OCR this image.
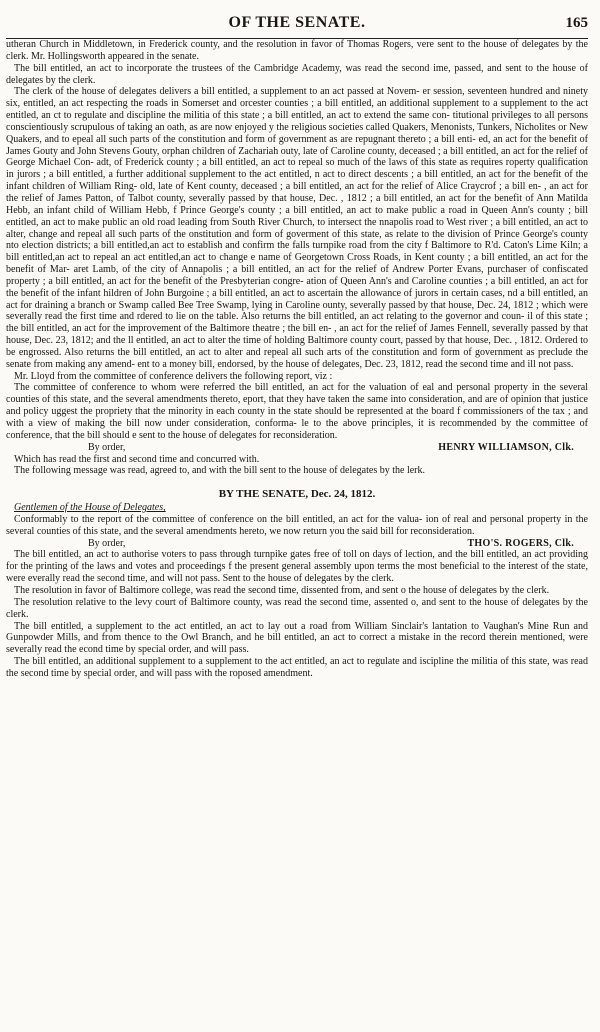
OF THE SENATE.	165

utheran Church in Middletown, in Frederick county, and the resolution in favor of Thomas Rogers, vere sent to the house of delegates by the clerk. Mr. Hollingsworth appeared in the senate.

The bill entitled, an act to incorporate the trustees of the Cambridge Academy, was read the second ime, passed, and sent to the house of delegates by the clerk.

The clerk of the house of delegates delivers a bill entitled, a supplement to an act passed at Novem- er session, seventeen hundred and ninety six, entitled, an act respecting the roads in Somerset and orcester counties ; a bill entitled, an additional supplement to a supplement to the act entitled, an ct to regulate and discipline the militia of this state ; a bill entitled, an act to extend the same con- titutional privileges to all persons conscientiously scrupulous of taking an oath, as are now enjoyed y the religious societies called Quakers, Menonists, Tunkers, Nicholites or New Quakers, and to epeal all such parts of the constitution and form of government as are repugnant thereto ; a bill enti- ed, an act for the benefit of James Gouty and John Stevens Gouty, orphan children of Zachariah outy, late of Caroline county, deceased ; a bill entitled, an act for the relief of George Michael Con- adt, of Frederick county ; a bill entitled, an act to repeal so much of the laws of this state as requires roperty qualification in jurors ; a bill entitled, a further additional supplement to the act entitled, n act to direct descents ; a bill entitled, an act for the benefit of the infant children of William Ring- old, late of Kent county, deceased ; a bill entitled, an act for the relief of Alice Craycrof ; a bill en- , an act for the relief of James Patton, of Talbot county, severally passed by that house, Dec. , 1812 ; a bill entitled, an act for the benefit of Ann Matilda Hebb, an infant child of William Hebb, f Prince George's county ; a bill entitled, an act to make public a road in Queen Ann's county ; bill entitled, an act to make public an old road leading from South River Church, to intersect the nnapolis road to West river ; a bill entitled, an act to alter, change and repeal all such parts of the onstitution and form of goverment of this state, as relate to the division of Prince George's county nto election districts; a bill entitled,an act to establish and confirm the falls turnpike road from the city f Baltimore to R'd. Caton's Lime Kiln; a bill entitled,an act to repeal an act entitled,an act to change e name of Georgetown Cross Roads, in Kent county ; a bill entitled, an act for the benefit of Mar- aret Lamb, of the city of Annapolis ; a bill entitled, an act for the relief of Andrew Porter Evans, purchaser of confiscated property ; a bill entitled, an act for the benefit of the Presbyterian congre- ation of Queen Ann's and Caroline counties ; a bill entitled, an act for the benefit of the infant hildren of John Burgoine ; a bill entitled, an act to ascertain the allowance of jurors in certain cases, nd a bill entitled, an act for draining a branch or Swamp called Bee Tree Swamp, lying in Caroline ounty, severally passed by that house, Dec. 24, 1812 ; which were severally read the first time and rdered to lie on the table. Also returns the bill entitled, an act relating to the governor and coun- il of this state ; the bill entitled, an act for the improvement of the Baltimore theatre ; the bill en- , an act for the relief of James Fennell, severally passed by that house, Dec. 23, 1812; and the ll entitled, an act to alter the time of holding Baltimore county court, passed by that house, Dec. , 1812. Ordered to be engrossed. Also returns the bill entitled, an act to alter and repeal all such arts of the constitution and form of government as preclude the senate from making any amend- ent to a money bill, endorsed, by the house of delegates, Dec. 23, 1812, read the second time and ill not pass.

Mr. Lloyd from the committee of conference delivers the following report, viz :

The committee of conference to whom were referred the bill entitled, an act for the valuation of eal and personal property in the several counties of this state, and the several amendments thereto, eport, that they have taken the same into consideration, and are of opinion that justice and policy uggest the propriety that the minority in each county in the state should be represented at the board f commissioners of the tax ; and with a view of making the bill now under consideration, conforma- le to the above principles, it is recommended by the committee of conference, that the bill should e sent to the house of delegates for reconsideration.

By order,	HENRY WILLIAMSON, Clk.

Which has read the first and second time and concurred with.

The following message was read, agreed to, and with the bill sent to the house of delegates by the lerk.

BY THE SENATE, Dec. 24, 1812.

Gentlemen of the House of Delegates,

Conformably to the report of the committee of conference on the bill entitled, an act for the valua- ion of real and personal property in the several counties of this state, and the several amendments hereto, we now return you the said bill for reconsideration.

By order,	THO'S. ROGERS, Clk.

The bill entitled, an act to authorise voters to pass through turnpike gates free of toll on days of lection, and the bill entitled, an act providing for the printing of the laws and votes and proceedings f the present general assembly upon terms the most beneficial to the interest of the state, were everally read the second time, and will not pass. Sent to the house of delegates by the clerk.

The resolution in favor of Baltimore college, was read the second time, dissented from, and sent o the house of delegates by the clerk.

The resolution relative to the levy court of Baltimore county, was read the second time, assented o, and sent to the house of delegates by the clerk.

The bill entitled, a supplement to the act entitled, an act to lay out a road from William Sinclair's lantation to Vaughan's Mine Run and Gunpowder Mills, and from thence to the Owl Branch, and he bill entitled, an act to correct a mistake in the record therein mentioned, were severally read the econd time by special order, and will pass.

The bill entitled, an additional supplement to a supplement to the act entitled, an act to regulate and iscipline the militia of this state, was read the second time by special order, and will pass with the roposed amendment.
